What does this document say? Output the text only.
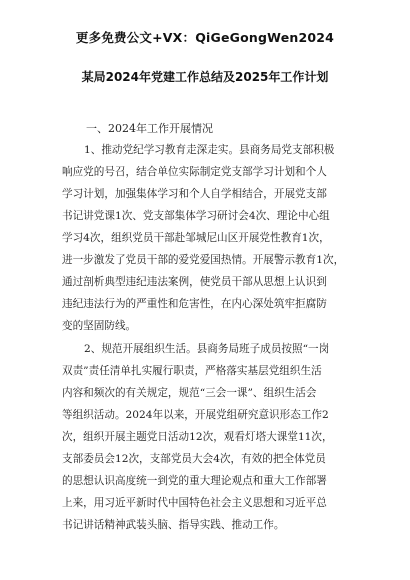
更多免费公文+VX：QiGeGongWen2024
某局2024年党建工作总结及2025年工作计划
一、2024年工作开展情况
1、推动党纪学习教育走深走实。县商务局党支部积极
响应党的号召，结合单位实际制定党支部学习计划和个人
学习计划，加强集体学习和个人自学相结合，开展党支部
书记讲党课1次、党支部集体学习研讨会4次、理论中心组
学习4次，组织党员干部赴邹城尼山区开展党性教育1次，
进一步激发了党员干部的爱党爱国热情。开展警示教育1次，
通过剖析典型违纪违法案例，使党员干部从思想上认识到
违纪违法行为的严重性和危害性，在内心深处筑牢拒腐防
变的坚固防线。
2、规范开展组织生活。县商务局班子成员按照“一岗
双责”责任清单扎实履行职责，严格落实基层党组织生活
内容和频次的有关规定，规范“三会一课”、组织生活会
等组织活动。2024年以来，开展党组研究意识形态工作2
次，组织开展主题党日活动12次，观看灯塔大课堂11次，
支部委员会12次，支部党员大会4次，有效的把全体党员
的思想认识高度统一到党的重大理论观点和重大工作部署
上来，用习近平新时代中国特色社会主义思想和习近平总
书记讲话精神武装头脑、指导实践、推动工作。
